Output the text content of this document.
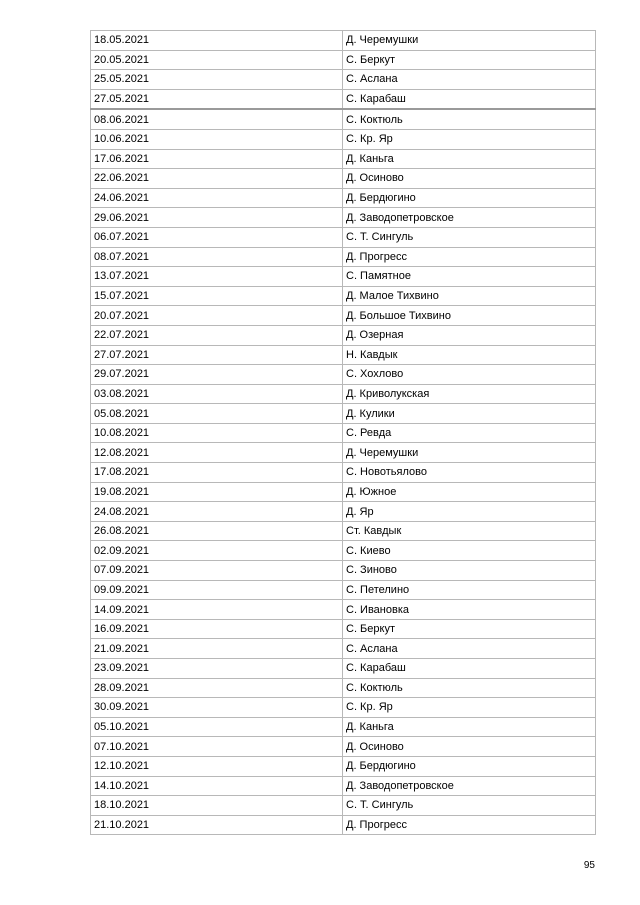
18.05.2021	Д. Черемушки
20.05.2021	С. Беркут
25.05.2021	С. Аслана
27.05.2021	С. Карабаш
08.06.2021	С. Коктюль
10.06.2021	С. Кр. Яр
17.06.2021	Д. Каньга
22.06.2021	Д. Осиново
24.06.2021	Д. Бердюгино
29.06.2021	Д. Заводопетровское
06.07.2021	С. Т. Сингуль
08.07.2021	Д. Прогресс
13.07.2021	С. Памятное
15.07.2021	Д. Малое Тихвино
20.07.2021	Д. Большое Тихвино
22.07.2021	Д. Озерная
27.07.2021	Н. Кавдык
29.07.2021	С. Хохлово
03.08.2021	Д. Криволукская
05.08.2021	Д. Кулики
10.08.2021	С. Ревда
12.08.2021	Д. Черемушки
17.08.2021	С. Новотьялово
19.08.2021	Д. Южное
24.08.2021	Д. Яр
26.08.2021	Ст. Кавдык
02.09.2021	С. Киево
07.09.2021	С. Зиново
09.09.2021	С. Петелино
14.09.2021	С. Ивановка
16.09.2021	С. Беркут
21.09.2021	С. Аслана
23.09.2021	С. Карабаш
28.09.2021	С. Коктюль
30.09.2021	С. Кр. Яр
05.10.2021	Д. Каньга
07.10.2021	Д. Осиново
12.10.2021	Д. Бердюгино
14.10.2021	Д. Заводопетровское
18.10.2021	С. Т. Сингуль
21.10.2021	Д. Прогресс
95
